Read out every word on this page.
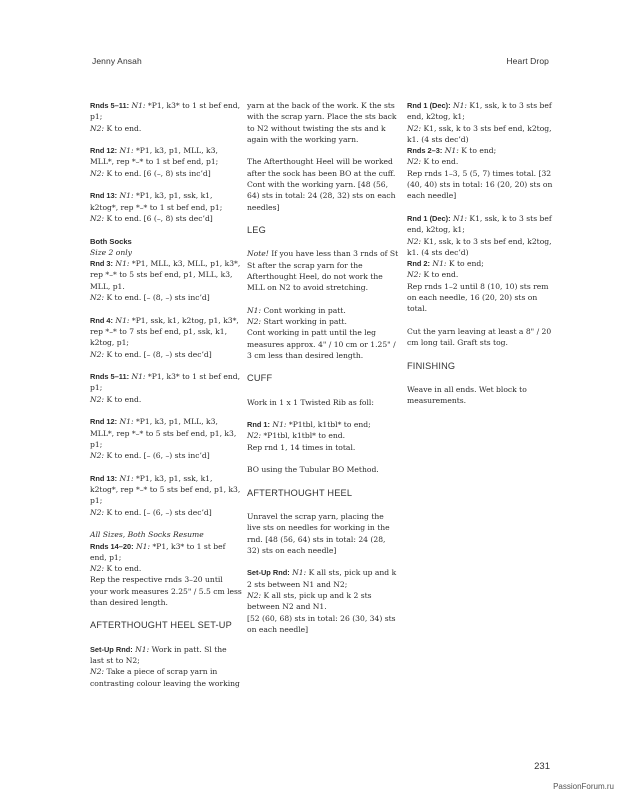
Jenny Ansah	Heart Drop

Rnds 5–11: N1: *P1, k3* to 1 st bef end, p1;
N2: K to end.

Rnd 12: N1: *P1, k3, p1, MLL, k3, MLL*, rep *–* to 1 st bef end, p1;
N2: K to end. [6 (–, 8) sts inc’d]

Rnd 13: N1: *P1, k3, p1, ssk, k1, k2tog*, rep *–* to 1 st bef end, p1;
N2: K to end. [6 (–, 8) sts dec’d]

Both Socks
Size 2 only

Rnd 3: N1: *P1, MLL, k3, MLL, p1, k3*, rep *–* to 5 sts bef end, p1, MLL, k3, MLL, p1.
N2: K to end. [– (8, –) sts inc’d]

Rnd 4: N1: *P1, ssk, k1, k2tog, p1, k3*, rep *–* to 7 sts bef end, p1, ssk, k1, k2tog, p1;
N2: K to end. [– (8, –) sts dec’d]

Rnds 5–11: N1: *P1, k3* to 1 st bef end, p1;
N2: K to end.

Rnd 12: N1: *P1, k3, p1, MLL, k3, MLL*, rep *–* to 5 sts bef end, p1, k3, p1;
N2: K to end. [– (6, –) sts inc’d]

Rnd 13: N1: *P1, k3, p1, ssk, k1, k2tog*, rep *–* to 5 sts bef end, p1, k3, p1;
N2: K to end. [– (6, –) sts dec’d]

All Sizes, Both Socks Resume

Rnds 14–20: N1: *P1, k3* to 1 st bef end, p1;
N2: K to end.
Rep the respective rnds 3–20 until your work measures 2.25" / 5.5 cm less than desired length.

AFTERTHOUGHT HEEL SET-UP

Set-Up Rnd: N1: Work in patt. Sl the last st to N2;
N2: Take a piece of scrap yarn in contrasting colour leaving the working

yarn at the back of the work. K the sts with the scrap yarn. Place the sts back to N2 without twisting the sts and k again with the working yarn.

The Afterthought Heel will be worked after the sock has been BO at the cuff. Cont with the working yarn. [48 (56, 64) sts in total: 24 (28, 32) sts on each needles]

LEG

Note! If you have less than 3 rnds of St St after the scrap yarn for the Afterthought Heel, do not work the MLL on N2 to avoid stretching.

N1: Cont working in patt.
N2: Start working in patt.
Cont working in patt until the leg measures approx. 4" / 10 cm or 1.25" / 3 cm less than desired length.

CUFF

Work in 1 x 1 Twisted Rib as foll:

Rnd 1: N1: *P1tbl, k1tbl* to end;
N2: *P1tbl, k1tbl* to end.
Rep rnd 1, 14 times in total.

BO using the Tubular BO Method.

AFTERTHOUGHT HEEL

Unravel the scrap yarn, placing the live sts on needles for working in the rnd. [48 (56, 64) sts in total: 24 (28, 32) sts on each needle]

Set-Up Rnd: N1: K all sts, pick up and k 2 sts between N1 and N2;
N2: K all sts, pick up and k 2 sts between N2 and N1.
[52 (60, 68) sts in total: 26 (30, 34) sts on each needle]

Rnd 1 (Dec): N1: K1, ssk, k to 3 sts bef end, k2tog, k1;
N2: K1, ssk, k to 3 sts bef end, k2tog, k1. (4 sts dec’d)
Rnds 2–3: N1: K to end;
N2: K to end.
Rep rnds 1–3, 5 (5, 7) times total. [32 (40, 40) sts in total: 16 (20, 20) sts on each needle]

Rnd 1 (Dec): N1: K1, ssk, k to 3 sts bef end, k2tog, k1;
N2: K1, ssk, k to 3 sts bef end, k2tog, k1. (4 sts dec’d)
Rnd 2: N1: K to end;
N2: K to end.
Rep rnds 1–2 until 8 (10, 10) sts rem on each needle, 16 (20, 20) sts on total.

Cut the yarn leaving at least a 8" / 20 cm long tail. Graft sts tog.

FINISHING

Weave in all ends. Wet block to measurements.

231
PassionForum.ru
